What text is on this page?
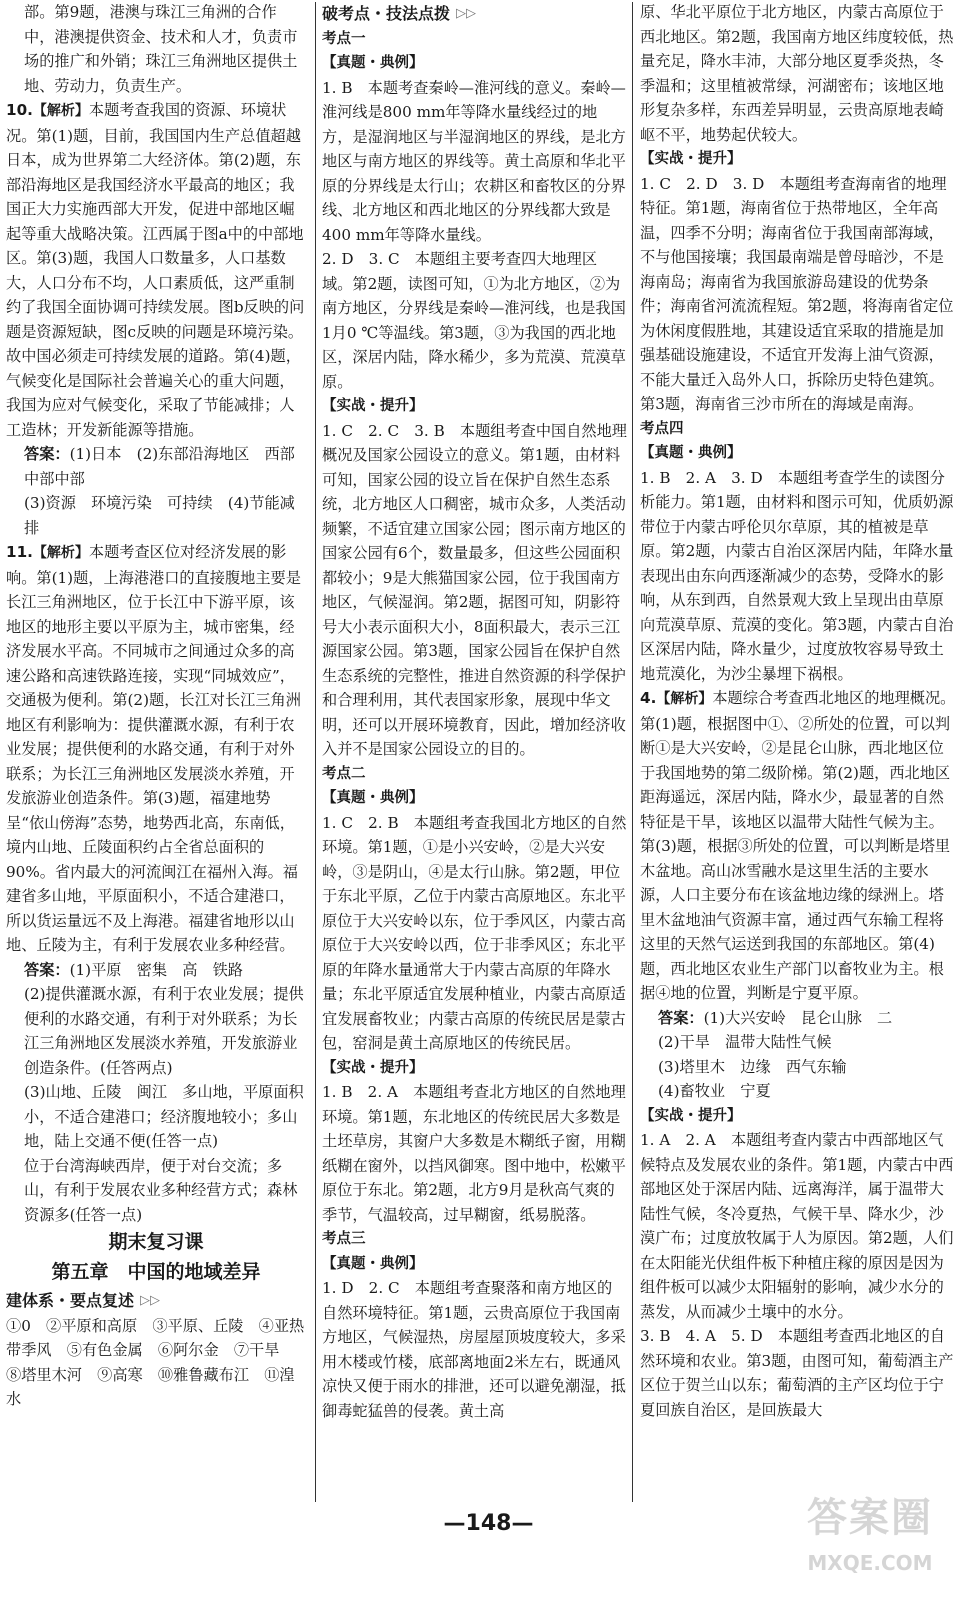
部。第9题，港澳与珠江三角洲的合作中，港澳提供资金、技术和人才，负责市场的推广和外销；珠江三角洲地区提供土地、劳动力，负责生产。

10.【解析】本题考查我国的资源、环境状况。第(1)题，目前，我国国内生产总值超越日本，成为世界第二大经济体。第(2)题，东部沿海地区是我国经济水平最高的地区；我国正大力实施西部大开发，促进中部地区崛起等重大战略决策。江西属于图a中的中部地区。第(3)题，我国人口数量多，人口基数大，人口分布不均，人口素质低，这严重制约了我国全面协调可持续发展。图b反映的问题是资源短缺，图c反映的问题是环境污染。故中国必须走可持续发展的道路。第(4)题，气候变化是国际社会普遍关心的重大问题，我国为应对气候变化，采取了节能减排；人工造林；开发新能源等措施。

答案：(1)日本　(2)东部沿海地区　西部　中部中部

(3)资源　环境污染　可持续　(4)节能减排

11.【解析】本题考查区位对经济发展的影响。第(1)题，上海港港口的直接腹地主要是长江三角洲地区，位于长江中下游平原，该地区的地形主要以平原为主，城市密集，经济发展水平高。不同城市之间通过众多的高速公路和高速铁路连接，实现“同城效应”，交通极为便利。第(2)题，长江对长江三角洲地区有利影响为：提供灌溉水源，有利于农业发展；提供便利的水路交通，有利于对外联系；为长江三角洲地区发展淡水养殖，开发旅游业创造条件。第(3)题，福建地势呈“依山傍海”态势，地势西北高，东南低，境内山地、丘陵面积约占全省总面积的90%。省内最大的河流闽江在福州入海。福建省多山地，平原面积小，不适合建港口，所以货运量远不及上海港。福建省地形以山地、丘陵为主，有利于发展农业多种经营。

答案：(1)平原　密集　高　铁路

(2)提供灌溉水源，有利于农业发展；提供便利的水路交通，有利于对外联系；为长江三角洲地区发展淡水养殖，开发旅游业创造条件。(任答两点)

(3)山地、丘陵　闽江　多山地，平原面积小，不适合建港口；经济腹地较小；多山地，陆上交通不便(任答一点)

位于台湾海峡西岸，便于对台交流；多山，有利于发展农业多种经营方式；森林资源多(任答一点)

期末复习课
第五章　中国的地域差异
建体系・要点复述 ▷▷

①0　②平原和高原　③平原、丘陵　④亚热带季风　⑤有色金属　⑥阿尔金　⑦干旱　⑧塔里木河　⑨高寒　⑩雅鲁藏布江　⑪湟水

破考点・技法点拨 ▷▷
考点一
【真题・典例】

1. B　本题考查秦岭—淮河线的意义。秦岭—淮河线是800 mm年等降水量线经过的地方，是湿润地区与半湿润地区的界线，是北方地区与南方地区的界线等。黄土高原和华北平原的分界线是太行山；农耕区和畜牧区的分界线、北方地区和西北地区的分界线都大致是400 mm年等降水量线。

2. D　3. C　本题组主要考查四大地理区域。第2题，读图可知，①为北方地区，②为南方地区，分界线是秦岭—淮河线，也是我国1月0 ℃等温线。第3题，③为我国的西北地区，深居内陆，降水稀少，多为荒漠、荒漠草原。

【实战・提升】

1. C　2. C　3. B　本题组考查中国自然地理概况及国家公园设立的意义。第1题，由材料可知，国家公园的设立旨在保护自然生态系统，北方地区人口稠密，城市众多，人类活动频繁，不适宜建立国家公园；图示南方地区的国家公园有6个，数量最多，但这些公园面积都较小；9是大熊猫国家公园，位于我国南方地区，气候湿润。第2题，据图可知，阴影符号大小表示面积大小，8面积最大，表示三江源国家公园。第3题，国家公园旨在保护自然生态系统的完整性，推进自然资源的科学保护和合理利用，其代表国家形象，展现中华文明，还可以开展环境教育，因此，增加经济收入并不是国家公园设立的目的。

考点二
【真题・典例】

1. C　2. B　本题组考查我国北方地区的自然环境。第1题，①是小兴安岭，②是大兴安岭，③是阴山，④是太行山脉。第2题，甲位于东北平原，乙位于内蒙古高原地区。东北平原位于大兴安岭以东，位于季风区，内蒙古高原位于大兴安岭以西，位于非季风区；东北平原的年降水量通常大于内蒙古高原的年降水量；东北平原适宜发展种植业，内蒙古高原适宜发展畜牧业；内蒙古高原的传统民居是蒙古包，窑洞是黄土高原地区的传统民居。

【实战・提升】

1. B　2. A　本题组考查北方地区的自然地理环境。第1题，东北地区的传统民居大多数是土坯草房，其窗户大多数是木糊纸子窗，用糊纸糊在窗外，以挡风御寒。图中地中，松嫩平原位于东北。第2题，北方9月是秋高气爽的季节，气温较高，过早糊窗，纸易脱落。

考点三
【真题・典例】

1. D　2. C　本题组考查聚落和南方地区的自然环境特征。第1题，云贵高原位于我国南方地区，气候湿热，房屋屋顶坡度较大，多采用木楼或竹楼，底部离地面2米左右，既通风凉快又便于雨水的排泄，还可以避免潮湿，抵御毒蛇猛兽的侵袭。黄土高

原、华北平原位于北方地区，内蒙古高原位于西北地区。第2题，我国南方地区纬度较低，热量充足，降水丰沛，大部分地区夏季炎热，冬季温和；这里植被常绿，河湖密布；该地区地形复杂多样，东西差异明显，云贵高原地表崎岖不平，地势起伏较大。

【实战・提升】

1. C　2. D　3. D　本题组考查海南省的地理特征。第1题，海南省位于热带地区，全年高温，四季不分明；海南省位于我国南部海域，不与他国接壤；我国最南端是曾母暗沙，不是海南岛；海南省为我国旅游岛建设的优势条件；海南省河流流程短。第2题，将海南省定位为休闲度假胜地，其建设适宜采取的措施是加强基础设施建设，不适宜开发海上油气资源，不能大量迁入岛外人口，拆除历史特色建筑。第3题，海南省三沙市所在的海域是南海。

考点四
【真题・典例】

1. B　2. A　3. D　本题组考查学生的读图分析能力。第1题，由材料和图示可知，优质奶源带位于内蒙古呼伦贝尔草原，其的植被是草原。第2题，内蒙古自治区深居内陆，年降水量表现出由东向西逐渐减少的态势，受降水的影响，从东到西，自然景观大致上呈现出由草原向荒漠草原、荒漠的变化。第3题，内蒙古自治区深居内陆，降水量少，过度放牧容易导致土地荒漠化，为沙尘暴埋下祸根。

4.【解析】本题综合考查西北地区的地理概况。第(1)题，根据图中①、②所处的位置，可以判断①是大兴安岭，②是昆仑山脉，西北地区位于我国地势的第二级阶梯。第(2)题，西北地区距海遥远，深居内陆，降水少，最显著的自然特征是干旱，该地区以温带大陆性气候为主。第(3)题，根据③所处的位置，可以判断是塔里木盆地。高山冰雪融水是这里生活的主要水源，人口主要分布在该盆地边缘的绿洲上。塔里木盆地油气资源丰富，通过西气东输工程将这里的天然气运送到我国的东部地区。第(4)题，西北地区农业生产部门以畜牧业为主。根据④地的位置，判断是宁夏平原。

答案：(1)大兴安岭　昆仑山脉　二

(2)干旱　温带大陆性气候

(3)塔里木　边缘　西气东输

(4)畜牧业　宁夏

【实战・提升】

1. A　2. A　本题组考查内蒙古中西部地区气候特点及发展农业的条件。第1题，内蒙古中西部地区处于深居内陆、远离海洋，属于温带大陆性气候，冬冷夏热，气候干旱、降水少，沙漠广布；过度放牧属于人为原因。第2题，人们在太阳能光伏组件板下种植庄稼的原因是因为组件板可以减少太阳辐射的影响，减少水分的蒸发，从而减少土壤中的水分。

3. B　4. A　5. D　本题组考查西北地区的自然环境和农业。第3题，由图可知，葡萄酒主产区位于贺兰山以东；葡萄酒的主产区均位于宁夏回族自治区，是回族最大

—148—	答案圈
MXQE.COM
